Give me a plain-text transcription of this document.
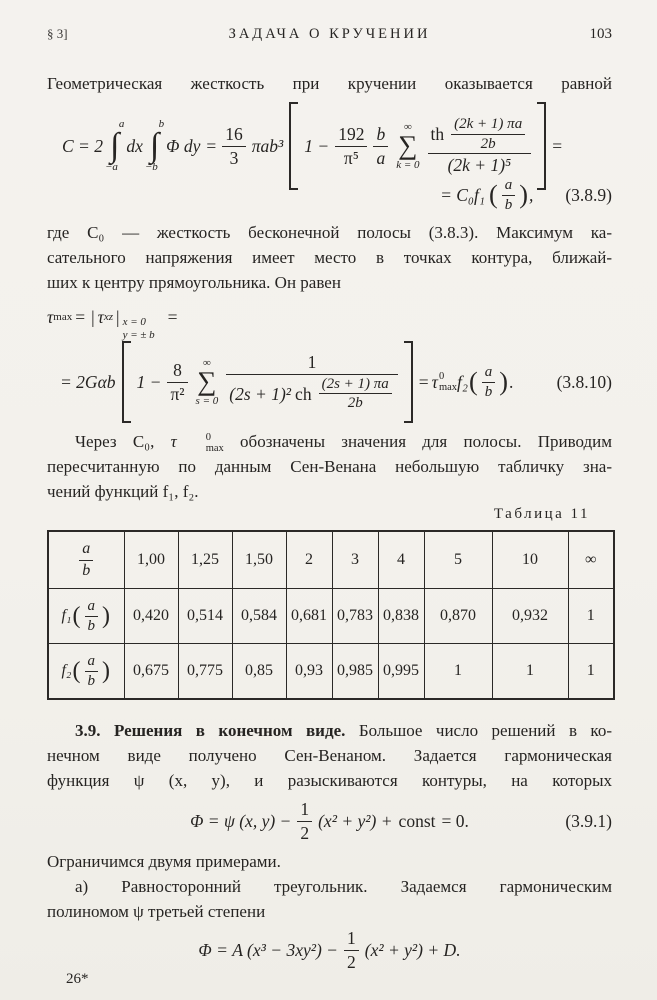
§ 3]	ЗАДАЧА О КРУЧЕНИИ	103
Геометрическая жесткость при кручении оказывается равной
C = 2
a
∫
−a
dx
b
∫
−b
Φ dy = $\frac{16}{3} \pi ab^3$ $1 - \frac{192}{\text{π⁵}} \frac{b}{a}$ ∞
∑
$k = 0 \frac{th \frac{(2k + 1) \pi a}{2b}}{\text{(2k + 1)⁵}}$ =
= C₀f₁ ( $\frac{a}{b}$ ) , (3.8.9)
где C₀ — жесткость бесконечной полосы (3.8.3). Максимум ка-
сательного напряжения имеет место в точках контура, ближай-
ших к центру прямоугольника. Он равен
τ max = | τ xz | x = 0
y = ± b
=
= 2Gαb $1 - \frac{8}{\text{π²}}$ ∞
∑
s = 0
1
(2s + 1)² ch $\frac{(2s + 1) \pi a}{2b} = \tau$ 0
max f₂ ( $\frac{a}{b}$ ) . (3.8.10)
Через C₀, τ	0
max обозначены значения для полосы. Приводим
пересчитанную по данным Сен-Венана небольшую табличку зна-
чений функций f₁, f₂.
Таблица 11
$\frac{a}{b}$	1,00	1,25	1,50	2	3	4	5	10	∞

f₁ ( $\frac{a}{b}$ )	0,420	0,514	0,584	0,681	0,783	0,838	0,870	0,932	1

f₂ ( $\frac{a}{b}$ )	0,675	0,775	0,85	0,93	0,985	0,995	1	1	1
3.9. Решения в конечном виде. Большое число решений в ко-
нечном виде получено Сен-Венаном. Задается гармоническая
функция ψ (x, y), и разыскиваются контуры, на которых
Φ = ψ (x, $y) - \frac{1}{2} (x^2 + y^2)$ + const = 0.	(3.9.1)
Ограничимся двумя примерами.
а) Равносторонний треугольник. Задаемся гармоническим
полиномом ψ третьей степени
Φ = A $(x^3 - 3xy^2) - \frac{1}{2} (x^2 + y^2) + D$.
26*
